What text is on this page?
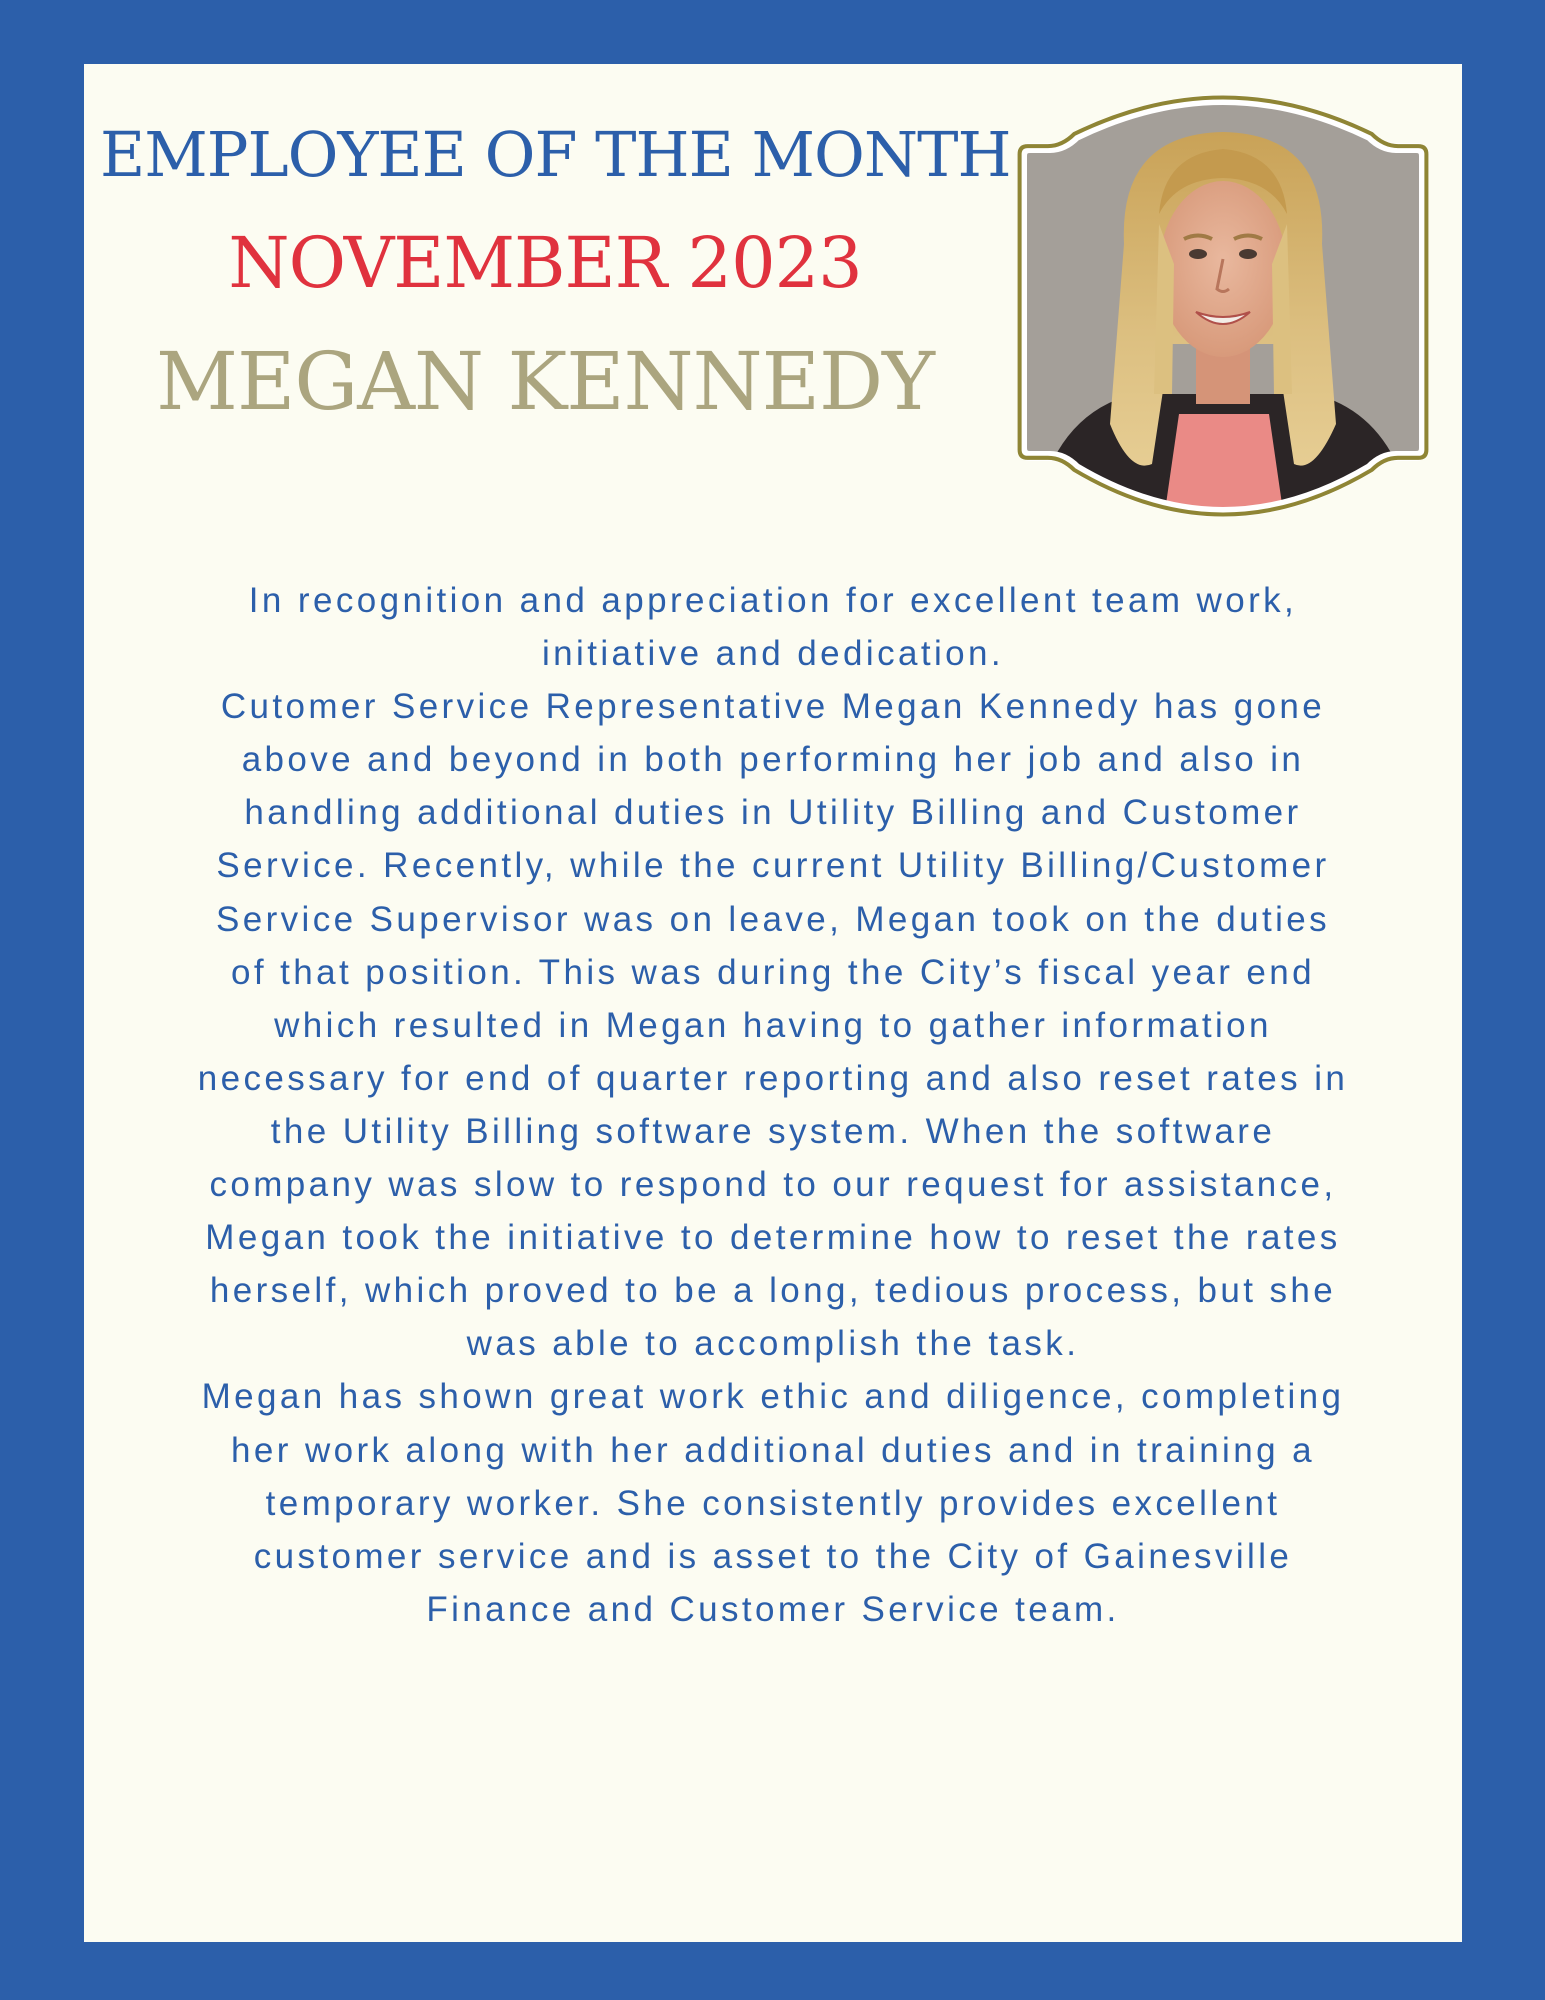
EMPLOYEE OF THE MONTH
NOVEMBER 2023
MEGAN KENNEDY

In recognition and appreciation for excellent team work, initiative and dedication.
Cutomer Service Representative Megan Kennedy has gone above and beyond in both performing her job and also in handling additional duties in Utility Billing and Customer Service. Recently, while the current Utility Billing/Customer Service Supervisor was on leave, Megan took on the duties of that position. This was during the City’s fiscal year end which resulted in Megan having to gather information necessary for end of quarter reporting and also reset rates in the Utility Billing software system. When the software company was slow to respond to our request for assistance, Megan took the initiative to determine how to reset the rates herself, which proved to be a long, tedious process, but she was able to accomplish the task.
Megan has shown great work ethic and diligence, completing her work along with her additional duties and in training a temporary worker. She consistently provides excellent customer service and is asset to the City of Gainesville Finance and Customer Service team.
